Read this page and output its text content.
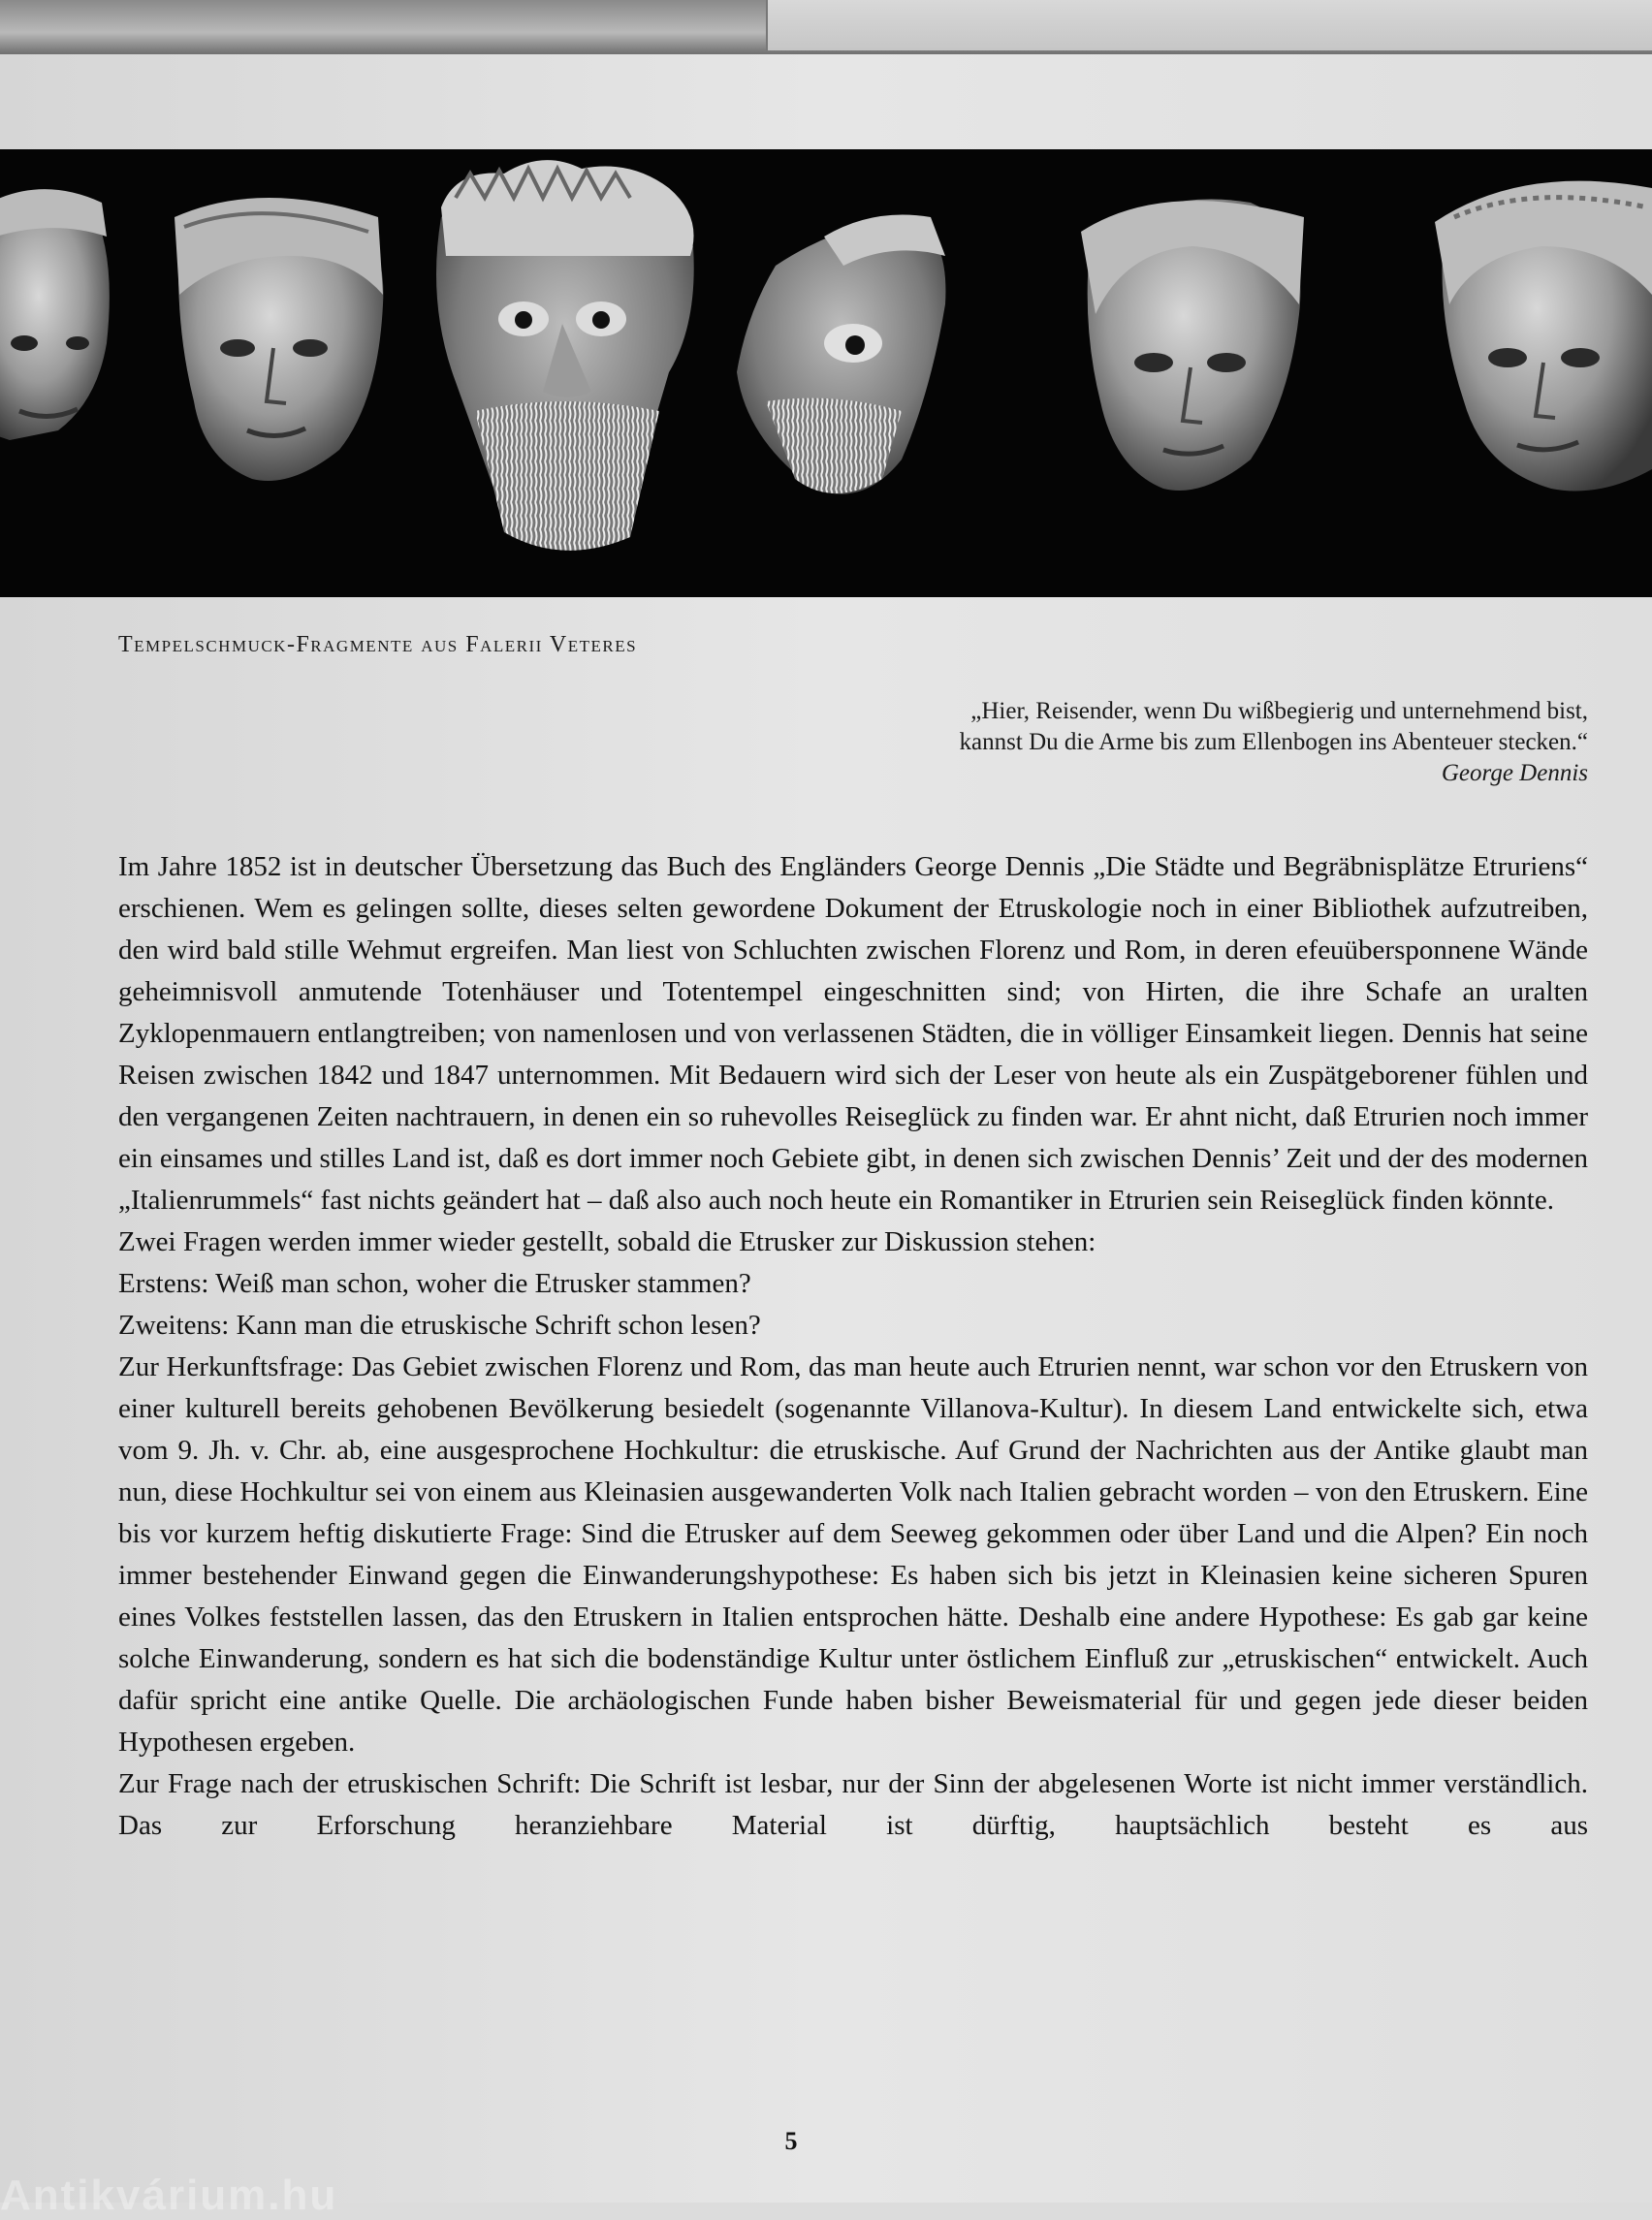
Tempelschmuck-Fragmente aus Falerii Veteres
„Hier, Reisender, wenn Du wißbegierig und unternehmend bist,
kannst Du die Arme bis zum Ellenbogen ins Abenteuer stecken.“
George Dennis

Im Jahre 1852 ist in deutscher Übersetzung das Buch des Engländers George Dennis „Die Städte und Begräbnisplätze Etruriens“ erschienen. Wem es gelingen sollte, dieses selten gewordene Dokument der Etruskologie noch in einer Bibliothek aufzutreiben, den wird bald stille Wehmut ergreifen. Man liest von Schluchten zwischen Florenz und Rom, in deren efeuübersponnene Wände geheimnisvoll anmutende Totenhäuser und Totentempel eingeschnitten sind; von Hirten, die ihre Schafe an uralten Zyklopenmauern entlangtreiben; von namenlosen und von verlassenen Städten, die in völliger Einsamkeit liegen. Dennis hat seine Reisen zwischen 1842 und 1847 unternommen. Mit Bedauern wird sich der Leser von heute als ein Zuspätgeborener fühlen und den vergangenen Zeiten nachtrauern, in denen ein so ruhevolles Reiseglück zu finden war. Er ahnt nicht, daß Etrurien noch immer ein einsames und stilles Land ist, daß es dort immer noch Gebiete gibt, in denen sich zwischen Dennis’ Zeit und der des modernen „Italienrummels“ fast nichts geändert hat – daß also auch noch heute ein Romantiker in Etrurien sein Reiseglück finden könnte.

Zwei Fragen werden immer wieder gestellt, sobald die Etrusker zur Diskussion stehen:

Erstens: Weiß man schon, woher die Etrusker stammen?

Zweitens: Kann man die etruskische Schrift schon lesen?

Zur Herkunftsfrage: Das Gebiet zwischen Florenz und Rom, das man heute auch Etrurien nennt, war schon vor den Etruskern von einer kulturell bereits gehobenen Bevölkerung besiedelt (sogenannte Villanova-Kultur). In diesem Land entwickelte sich, etwa vom 9. Jh. v. Chr. ab, eine ausgesprochene Hochkultur: die etruskische. Auf Grund der Nachrichten aus der Antike glaubt man nun, diese Hochkultur sei von einem aus Kleinasien ausgewanderten Volk nach Italien gebracht worden – von den Etruskern. Eine bis vor kurzem heftig diskutierte Frage: Sind die Etrusker auf dem Seeweg gekommen oder über Land und die Alpen? Ein noch immer bestehender Einwand gegen die Einwanderungshypothese: Es haben sich bis jetzt in Kleinasien keine sicheren Spuren eines Volkes feststellen lassen, das den Etruskern in Italien entsprochen hätte. Deshalb eine andere Hypothese: Es gab gar keine solche Einwanderung, sondern es hat sich die bodenständige Kultur unter östlichem Einfluß zur „etruskischen“ entwickelt. Auch dafür spricht eine antike Quelle. Die archäologischen Funde haben bisher Beweismaterial für und gegen jede dieser beiden Hypothesen ergeben.

Zur Frage nach der etruskischen Schrift: Die Schrift ist lesbar, nur der Sinn der abgelesenen Worte ist nicht immer verständlich. Das zur Erforschung heranziehbare Material ist dürftig, hauptsächlich besteht es aus

5
Antikvárium.hu
